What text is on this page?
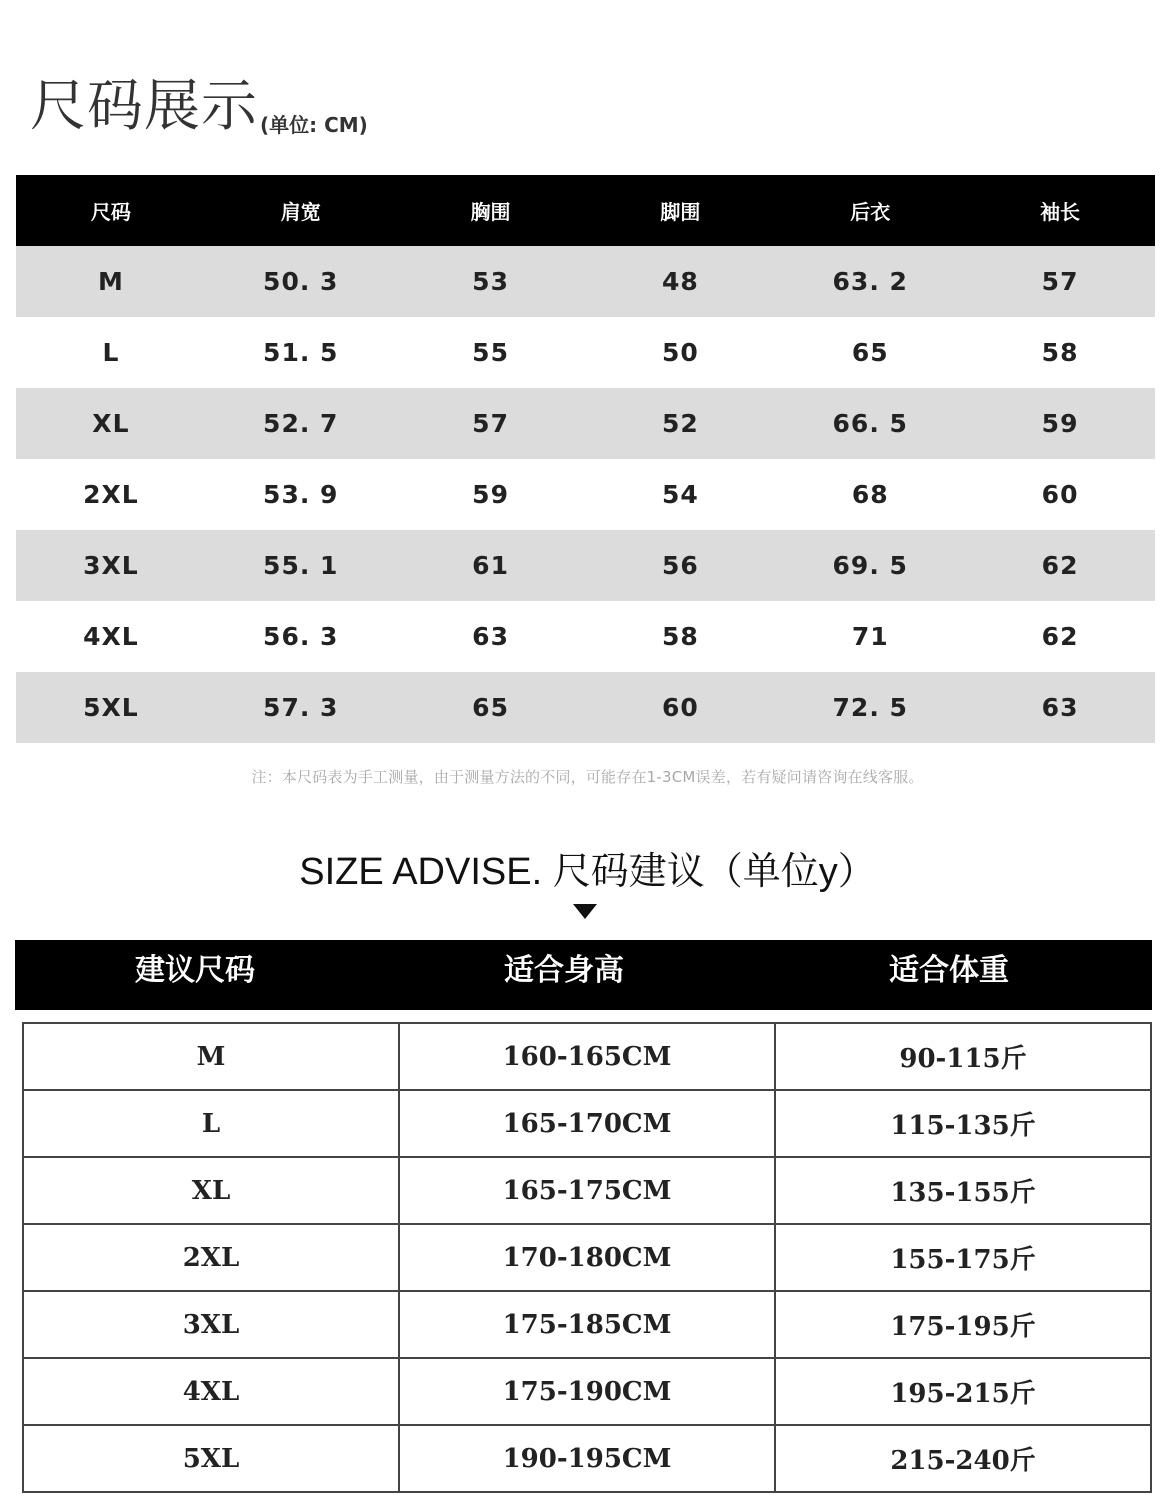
尺码展示 (单位: CM)
尺码	肩宽	胸围	脚围	后衣	袖长
M	50. 3	53	48	63. 2	57
L	51. 5	55	50	65	58
XL	52. 7	57	52	66. 5	59
2XL	53. 9	59	54	68	60
3XL	55. 1	61	56	69. 5	62
4XL	56. 3	63	58	71	62
5XL	57. 3	65	60	72. 5	63
注：本尺码表为手工测量，由于测量方法的不同，可能存在1-3CM误差，若有疑问请咨询在线客服。
SIZE ADVISE. 尺码建议（单位y）
建议尺码	适合身高	适合体重
M	160-165CM	90-115斤
L	165-170CM	115-135斤
XL	165-175CM	135-155斤
2XL	170-180CM	155-175斤
3XL	175-185CM	175-195斤
4XL	175-190CM	195-215斤
5XL	190-195CM	215-240斤
